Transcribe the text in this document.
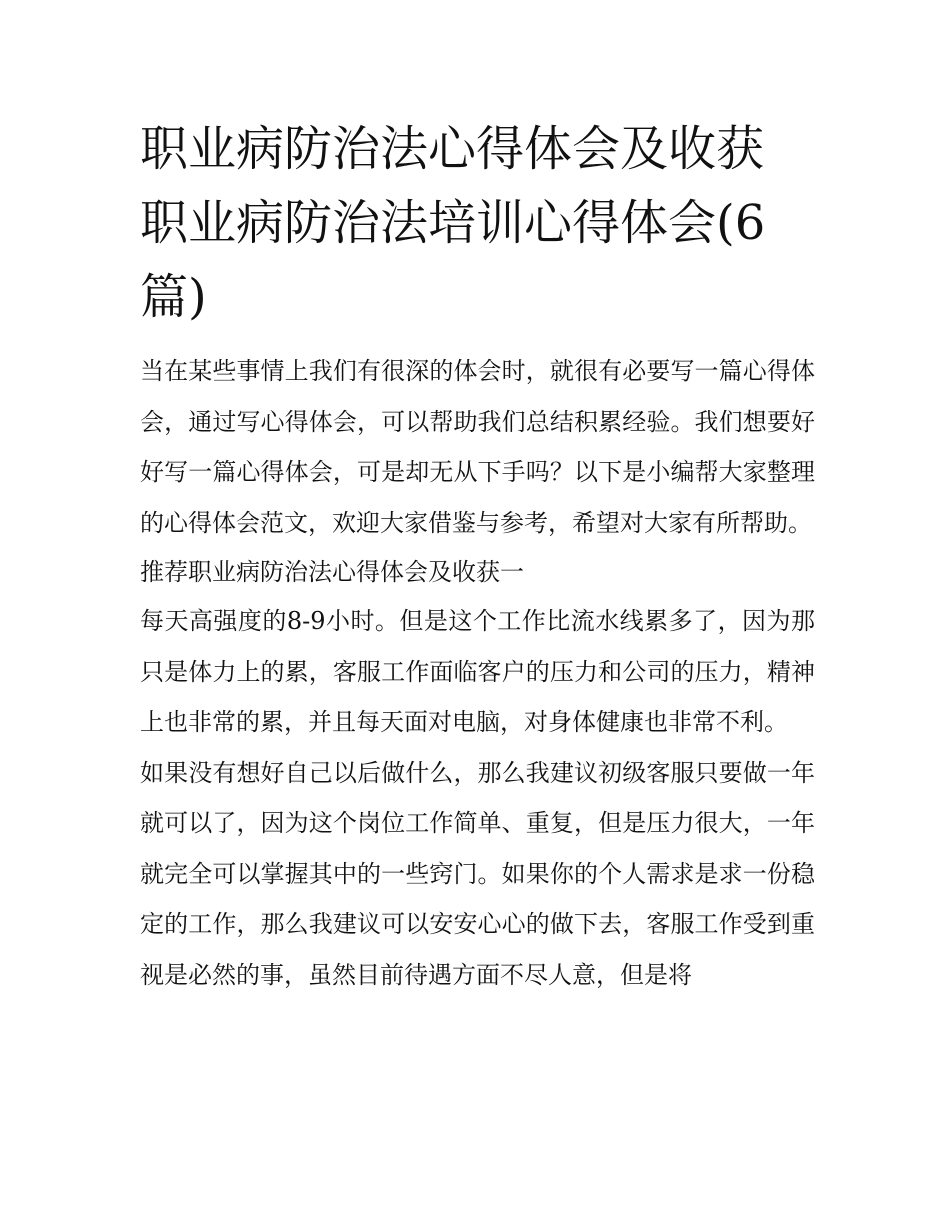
职业病防治法心得体会及收获 职业病防治法培训心得体会(6篇)

当在某些事情上我们有很深的体会时，就很有必要写一篇心得体会，通过写心得体会，可以帮助我们总结积累经验。我们想要好好写一篇心得体会，可是却无从下手吗？以下是小编帮大家整理的心得体会范文，欢迎大家借鉴与参考，希望对大家有所帮助。

推荐职业病防治法心得体会及收获一

每天高强度的8-9小时。但是这个工作比流水线累多了，因为那只是体力上的累，客服工作面临客户的压力和公司的压力，精神上也非常的累，并且每天面对电脑，对身体健康也非常不利。

如果没有想好自己以后做什么，那么我建议初级客服只要做一年就可以了，因为这个岗位工作简单、重复，但是压力很大，一年就完全可以掌握其中的一些窍门。如果你的个人需求是求一份稳定的工作，那么我建议可以安安心心的做下去，客服工作受到重视是必然的事，虽然目前待遇方面不尽人意，但是将
